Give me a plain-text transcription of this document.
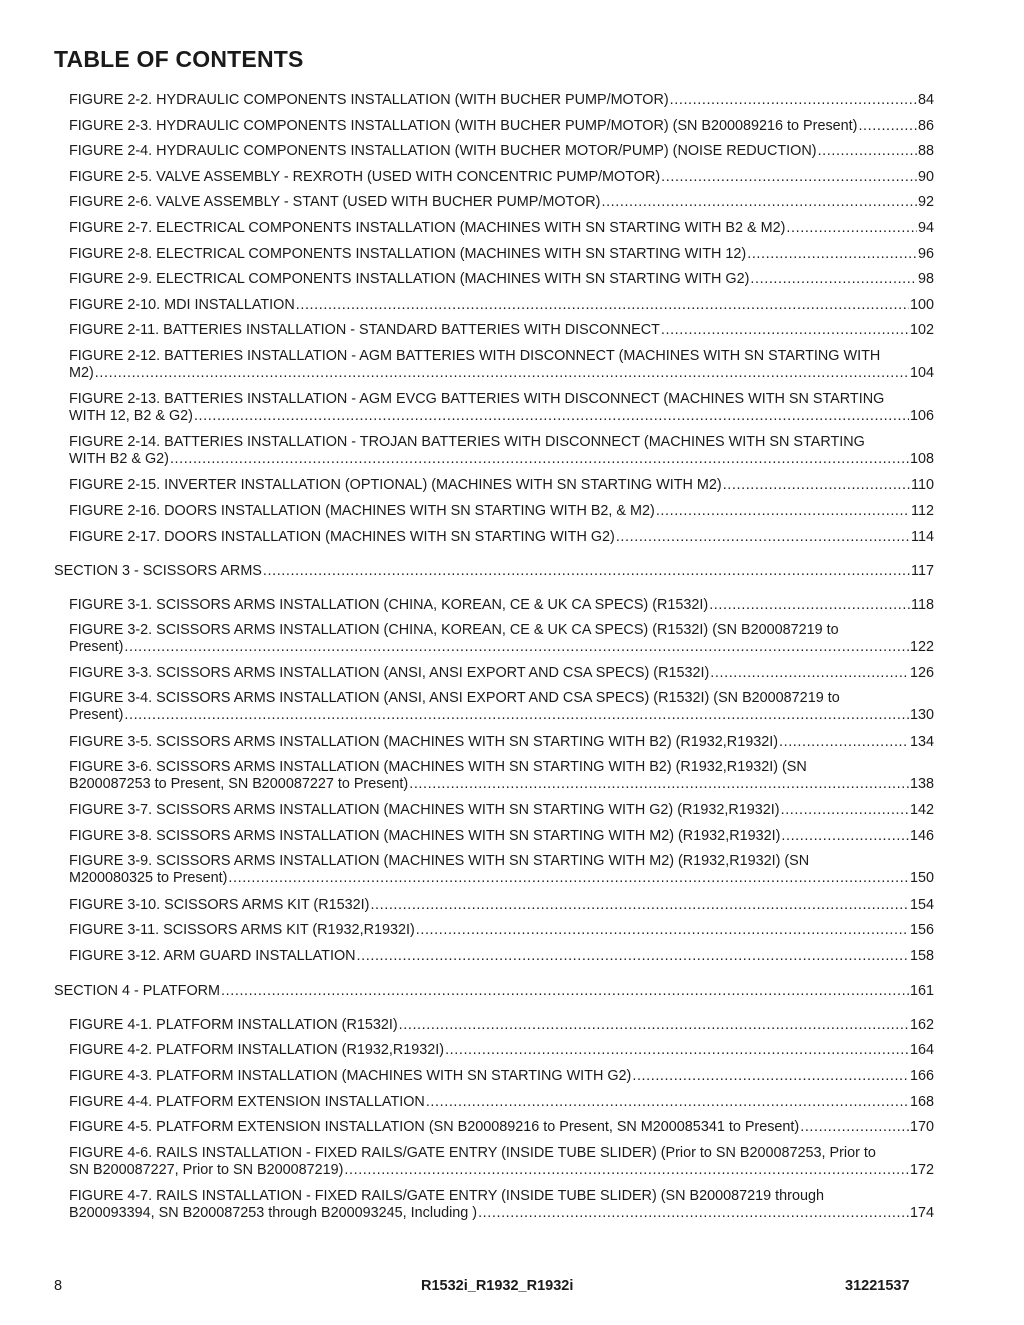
TABLE OF CONTENTS
FIGURE 2-2. HYDRAULIC COMPONENTS INSTALLATION (WITH BUCHER PUMP/MOTOR) .....	84
FIGURE 2-3. HYDRAULIC COMPONENTS INSTALLATION (WITH BUCHER PUMP/MOTOR) (SN B200089216 to Present) .....	86
FIGURE 2-4. HYDRAULIC COMPONENTS INSTALLATION (WITH BUCHER MOTOR/PUMP) (NOISE REDUCTION) .....	88
FIGURE 2-5. VALVE ASSEMBLY - REXROTH (USED WITH CONCENTRIC PUMP/MOTOR) .....	90
FIGURE 2-6. VALVE ASSEMBLY - STANT (USED WITH BUCHER PUMP/MOTOR) .....	92
FIGURE 2-7. ELECTRICAL COMPONENTS INSTALLATION (MACHINES WITH SN STARTING WITH B2 & M2) .....	94
FIGURE 2-8. ELECTRICAL COMPONENTS INSTALLATION (MACHINES WITH SN STARTING WITH 12) .....	96
FIGURE 2-9. ELECTRICAL COMPONENTS INSTALLATION (MACHINES WITH SN STARTING WITH G2) .....	98
FIGURE 2-10. MDI INSTALLATION .....	100
FIGURE 2-11. BATTERIES INSTALLATION - STANDARD BATTERIES WITH DISCONNECT .....	102
FIGURE 2-12. BATTERIES INSTALLATION - AGM BATTERIES WITH DISCONNECT (MACHINES WITH SN STARTING WITH
M2) .....	104
FIGURE 2-13. BATTERIES INSTALLATION - AGM EVCG BATTERIES WITH DISCONNECT (MACHINES WITH SN STARTING
WITH 12, B2 & G2) .....	106
FIGURE 2-14. BATTERIES INSTALLATION - TROJAN BATTERIES WITH DISCONNECT (MACHINES WITH SN STARTING
WITH B2 & G2) .....	108
FIGURE 2-15. INVERTER INSTALLATION (OPTIONAL) (MACHINES WITH SN STARTING WITH M2) .....	110
FIGURE 2-16. DOORS INSTALLATION (MACHINES WITH SN STARTING WITH B2, & M2) .....	112
FIGURE 2-17. DOORS INSTALLATION (MACHINES WITH SN STARTING WITH G2) .....	114
SECTION 3 - SCISSORS ARMS .....	117
FIGURE 3-1. SCISSORS ARMS INSTALLATION (CHINA, KOREAN, CE & UK CA SPECS) (R1532I) .....	118
FIGURE 3-2. SCISSORS ARMS INSTALLATION (CHINA, KOREAN, CE & UK CA SPECS) (R1532I) (SN B200087219 to
Present) .....	122
FIGURE 3-3. SCISSORS ARMS INSTALLATION (ANSI, ANSI EXPORT AND CSA SPECS) (R1532I) .....	126
FIGURE 3-4. SCISSORS ARMS INSTALLATION (ANSI, ANSI EXPORT AND CSA SPECS) (R1532I) (SN B200087219 to
Present) .....	130
FIGURE 3-5. SCISSORS ARMS INSTALLATION (MACHINES WITH SN STARTING WITH B2) (R1932,R1932I) .....	134
FIGURE 3-6. SCISSORS ARMS INSTALLATION (MACHINES WITH SN STARTING WITH B2) (R1932,R1932I) (SN
B200087253 to Present, SN B200087227 to Present) .....	138
FIGURE 3-7. SCISSORS ARMS INSTALLATION (MACHINES WITH SN STARTING WITH G2) (R1932,R1932I) .....	142
FIGURE 3-8. SCISSORS ARMS INSTALLATION (MACHINES WITH SN STARTING WITH M2) (R1932,R1932I) .....	146
FIGURE 3-9. SCISSORS ARMS INSTALLATION (MACHINES WITH SN STARTING WITH M2) (R1932,R1932I) (SN
M200080325 to Present) .....	150
FIGURE 3-10. SCISSORS ARMS KIT (R1532I) .....	154
FIGURE 3-11. SCISSORS ARMS KIT (R1932,R1932I) .....	156
FIGURE 3-12. ARM GUARD INSTALLATION .....	158
SECTION 4 - PLATFORM .....	161
FIGURE 4-1. PLATFORM INSTALLATION (R1532I) .....	162
FIGURE 4-2. PLATFORM INSTALLATION (R1932,R1932I) .....	164
FIGURE 4-3. PLATFORM INSTALLATION (MACHINES WITH SN STARTING WITH G2) .....	166
FIGURE 4-4. PLATFORM EXTENSION INSTALLATION .....	168
FIGURE 4-5. PLATFORM EXTENSION INSTALLATION (SN B200089216 to Present, SN M200085341 to Present) .....	170
FIGURE 4-6. RAILS INSTALLATION - FIXED RAILS/GATE ENTRY (INSIDE TUBE SLIDER) (Prior to SN B200087253, Prior to
SN B200087227, Prior to SN B200087219) .....	172
FIGURE 4-7. RAILS INSTALLATION - FIXED RAILS/GATE ENTRY (INSIDE TUBE SLIDER) (SN B200087219 through
B200093394, SN B200087253 through B200093245, Including ) .....	174
8	R1532i_R1932_R1932i	31221537
